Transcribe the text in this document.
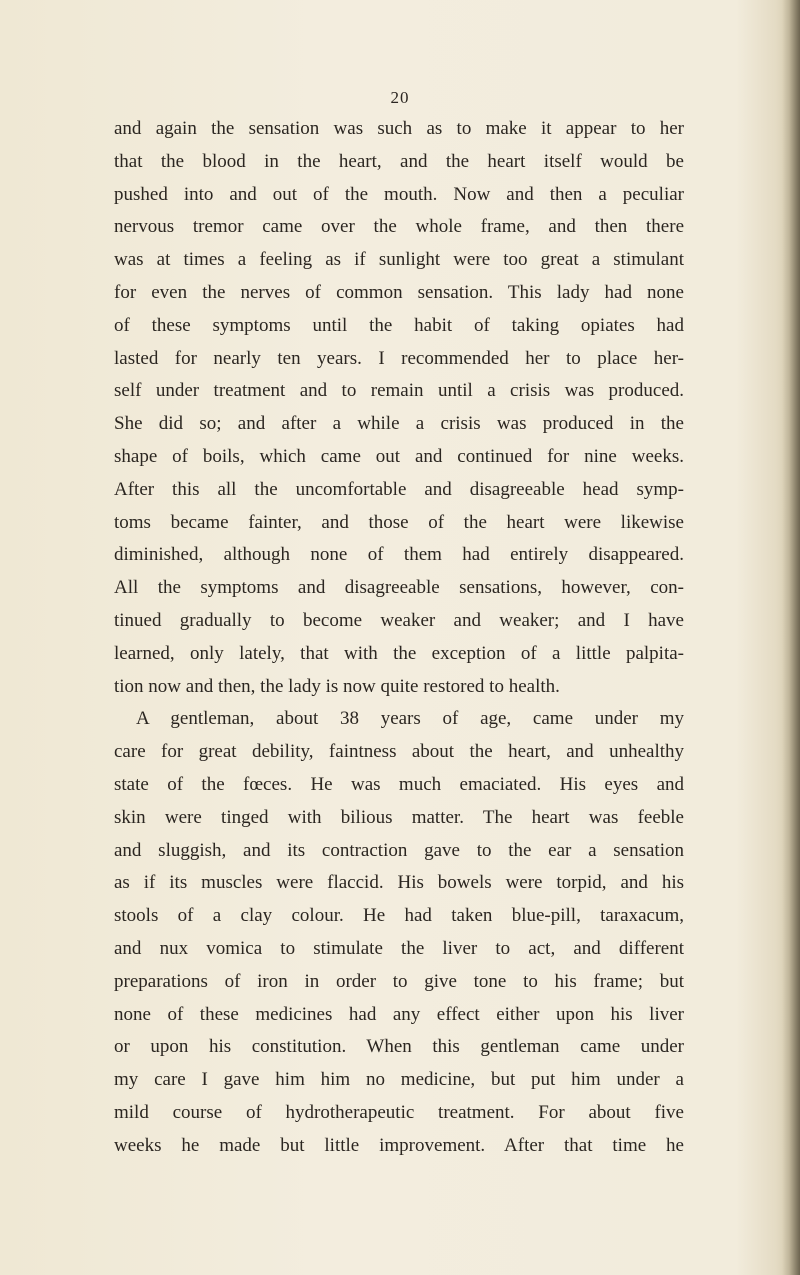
20
and again the sensation was such as to make it appear to her
that the blood in the heart, and the heart itself would be
pushed into and out of the mouth. Now and then a peculiar
nervous tremor came over the whole frame, and then there
was at times a feeling as if sunlight were too great a stimulant
for even the nerves of common sensation. This lady had none
of these symptoms until the habit of taking opiates had
lasted for nearly ten years. I recommended her to place her-
self under treatment and to remain until a crisis was produced.
She did so; and after a while a crisis was produced in the
shape of boils, which came out and continued for nine weeks.
After this all the uncomfortable and disagreeable head symp-
toms became fainter, and those of the heart were likewise
diminished, although none of them had entirely disappeared.
All the symptoms and disagreeable sensations, however, con-
tinued gradually to become weaker and weaker; and I have
learned, only lately, that with the exception of a little palpita-
tion now and then, the lady is now quite restored to health.
A gentleman, about 38 years of age, came under my
care for great debility, faintness about the heart, and unhealthy
state of the fœces. He was much emaciated. His eyes and
skin were tinged with bilious matter. The heart was feeble
and sluggish, and its contraction gave to the ear a sensation
as if its muscles were flaccid. His bowels were torpid, and his
stools of a clay colour. He had taken blue-pill, taraxacum,
and nux vomica to stimulate the liver to act, and different
preparations of iron in order to give tone to his frame; but
none of these medicines had any effect either upon his liver
or upon his constitution. When this gentleman came under
my care I gave him him no medicine, but put him under a
mild course of hydrotherapeutic treatment. For about five
weeks he made but little improvement. After that time he
